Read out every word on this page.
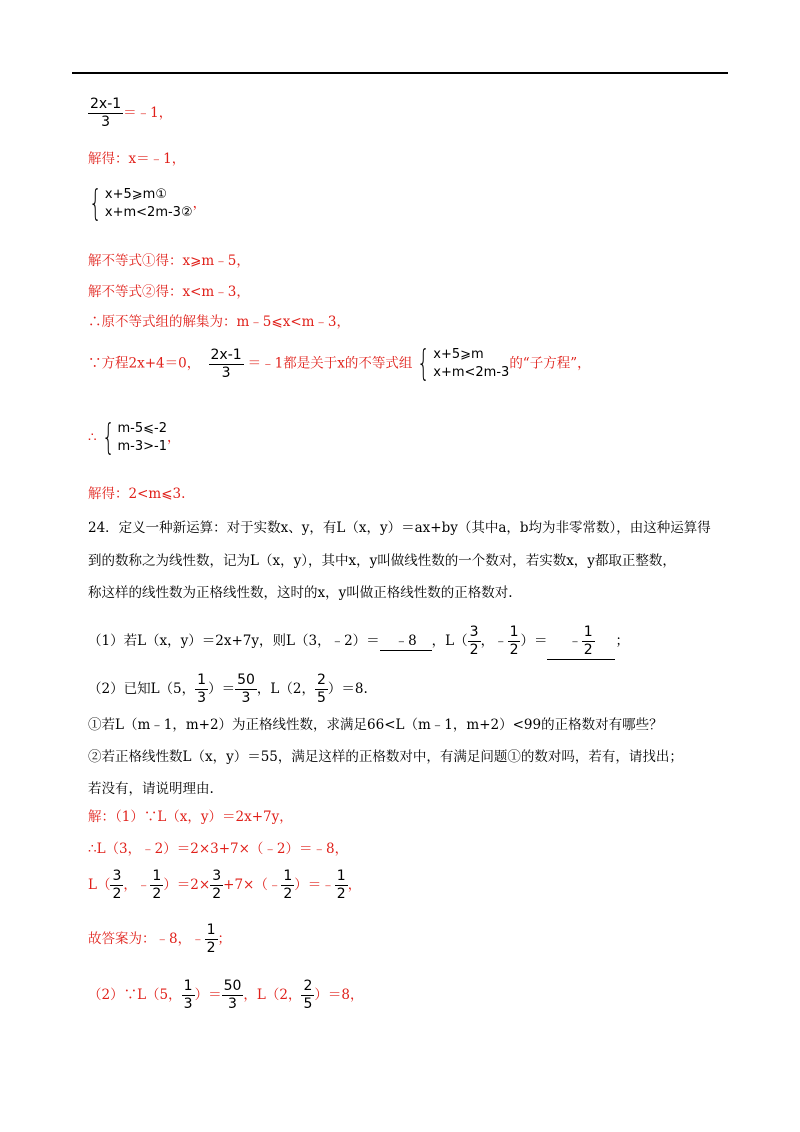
$\frac{2x-1}{3}$ ＝﹣1，
解得：x＝﹣1，
{ x+5⩾m①
x+m<2m-3②，
解不等式①得：x⩾m﹣5，
解不等式②得：x<m﹣3，
∴原不等式组的解集为：m﹣5⩽x<m﹣3，
∵方程2x+4＝0， $\frac{2x-1}{3}$ ＝﹣1都是关于x的不等式组 { x+5⩾m
x+m<2m-3的“子方程”，
∴ { m-5⩽-2
m-3>-1，
解得：2<m⩽3.
24．定义一种新运算：对于实数x、y，有L（x，y）＝ax+by（其中a，b均为非零常数），由这种运算得
到的数称之为线性数，记为L（x，y），其中x，y叫做线性数的一个数对，若实数x，y都取正整数，
称这样的线性数为正格线性数，这时的x，y叫做正格线性数的正格数对.
（1）若L（x，y）＝2x+7y，则L（3，﹣2）＝ ﹣8 ，$L( \frac{3}{2}$ ，﹣ $\frac{1}{2}$ ）＝ ﹣ $\frac{1}{2}$ ；
（2）已知L（5， $\frac{1}{3}$ ）＝ $\frac{50}{3}$ ，L（2， $\frac{2}{5} )=8$.
①若L（m﹣1，m+2）为正格线性数，求满足66<L（m﹣1，m+2）<99的正格数对有哪些？
②若正格线性数L（x，y）＝55，满足这样的正格数对中，有满足问题①的数对吗，若有，请找出；
若没有，请说明理由.
解：（1）∵L（x，y）＝2x+7y，
∴L（3，﹣2）＝2×3+7×（﹣2）＝﹣8，
$L( \frac{3}{2}$ ，﹣ $\frac{1}{2} )=2\times \frac{3}{2}$ +7×（﹣ $\frac{1}{2}$ ）＝﹣ $\frac{1}{2}$ ，
故答案为：﹣8，﹣ $\frac{1}{2}$ ；
（2）∵L（5， $\frac{1}{3}$ ）＝ $\frac{50}{3}$ ，L（2， $\frac{2}{5} )=8$，
